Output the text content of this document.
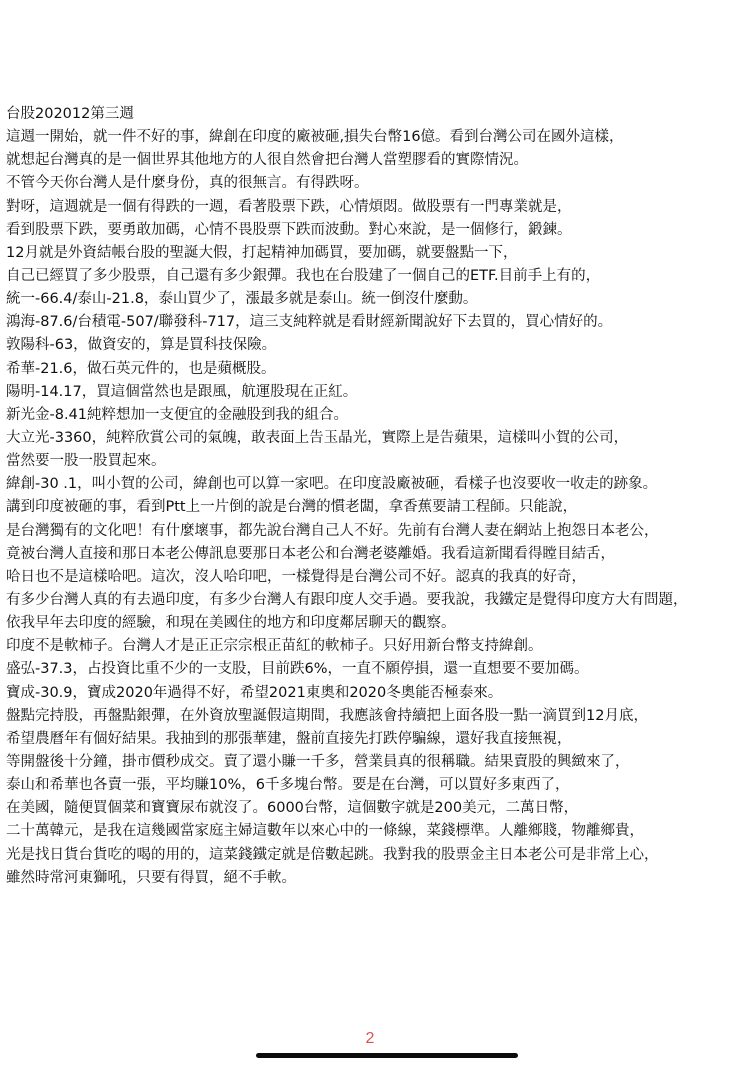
台股202012第三週
這週一開始，就一件不好的事，緯創在印度的廠被砸,損失台幣16億。看到台灣公司在國外這樣，
就想起台灣真的是一個世界其他地方的人很自然會把台灣人當塑膠看的實際情況。
不管今天你台灣人是什麼身份，真的很無言。有得跌呀。
對呀，這週就是一個有得跌的一週，看著股票下跌，心情煩悶。做股票有一門專業就是，
看到股票下跌，要勇敢加碼，心情不畏股票下跌而波動。對心來說，是一個修行，鍛鍊。
12月就是外資結帳台股的聖誕大假，打起精神加碼買，要加碼，就要盤點一下，
自己已經買了多少股票，自己還有多少銀彈。我也在台股建了一個自己的ETF.目前手上有的，
統一-66.4/泰山-21.8，泰山買少了，漲最多就是泰山。統一倒沒什麼動。
鴻海-87.6/台積電-507/聯發科-717，這三支純粹就是看財經新聞說好下去買的，買心情好的。
敦陽科-63，做資安的，算是買科技保險。
希華-21.6，做石英元件的，也是蘋概股。
陽明-14.17，買這個當然也是跟風，航運股現在正紅。
新光金-8.41純粹想加一支便宜的金融股到我的組合。
大立光-3360，純粹欣賞公司的氣魄，敢表面上告玉晶光，實際上是告蘋果，這樣叫小賀的公司，
當然要一股一股買起來。
緯創-30 .1，叫小賀的公司，緯創也可以算一家吧。在印度設廠被砸，看樣子也沒要收一收走的跡象。
講到印度被砸的事，看到Ptt上一片倒的說是台灣的慣老闆，拿香蕉要請工程師。只能說，
是台灣獨有的文化吧！有什麼壞事，都先說台灣自己人不好。先前有台灣人妻在網站上抱怨日本老公，
竟被台灣人直接和那日本老公傳訊息要那日本老公和台灣老婆離婚。我看這新聞看得瞠目結舌，
哈日也不是這樣哈吧。這次，沒人哈印吧，一樣覺得是台灣公司不好。認真的我真的好奇，
有多少台灣人真的有去過印度，有多少台灣人有跟印度人交手過。要我說，我鐵定是覺得印度方大有問題，
依我早年去印度的經驗，和現在美國住的地方和印度鄰居聊天的觀察。
印度不是軟柿子。台灣人才是正正宗宗根正苗紅的軟柿子。只好用新台幣支持緯創。
盛弘-37.3，占投資比重不少的一支股，目前跌6%，一直不願停損，還一直想要不要加碼。
寶成-30.9，寶成2020年過得不好，希望2021東奧和2020冬奧能否極泰來。
盤點完持股，再盤點銀彈，在外資放聖誕假這期間，我應該會持續把上面各股一點一滴買到12月底，
希望農曆年有個好結果。我抽到的那張華建，盤前直接先打跌停騙線，還好我直接無視，
等開盤後十分鐘，掛市價秒成交。賣了還小賺一千多，營業員真的很稱職。結果賣股的興緻來了，
泰山和希華也各賣一張，平均賺10%，6千多塊台幣。要是在台灣，可以買好多東西了，
在美國，隨便買個菜和寶寶尿布就沒了。6000台幣，這個數字就是200美元，二萬日幣，
二十萬韓元，是我在這幾國當家庭主婦這數年以來心中的一條線，菜錢標準。人離鄉賤，物離鄉貴，
光是找日貨台貨吃的喝的用的，這菜錢鐵定就是倍數起跳。我對我的股票金主日本老公可是非常上心，
雖然時常河東獅吼，只要有得買，絕不手軟。
2
